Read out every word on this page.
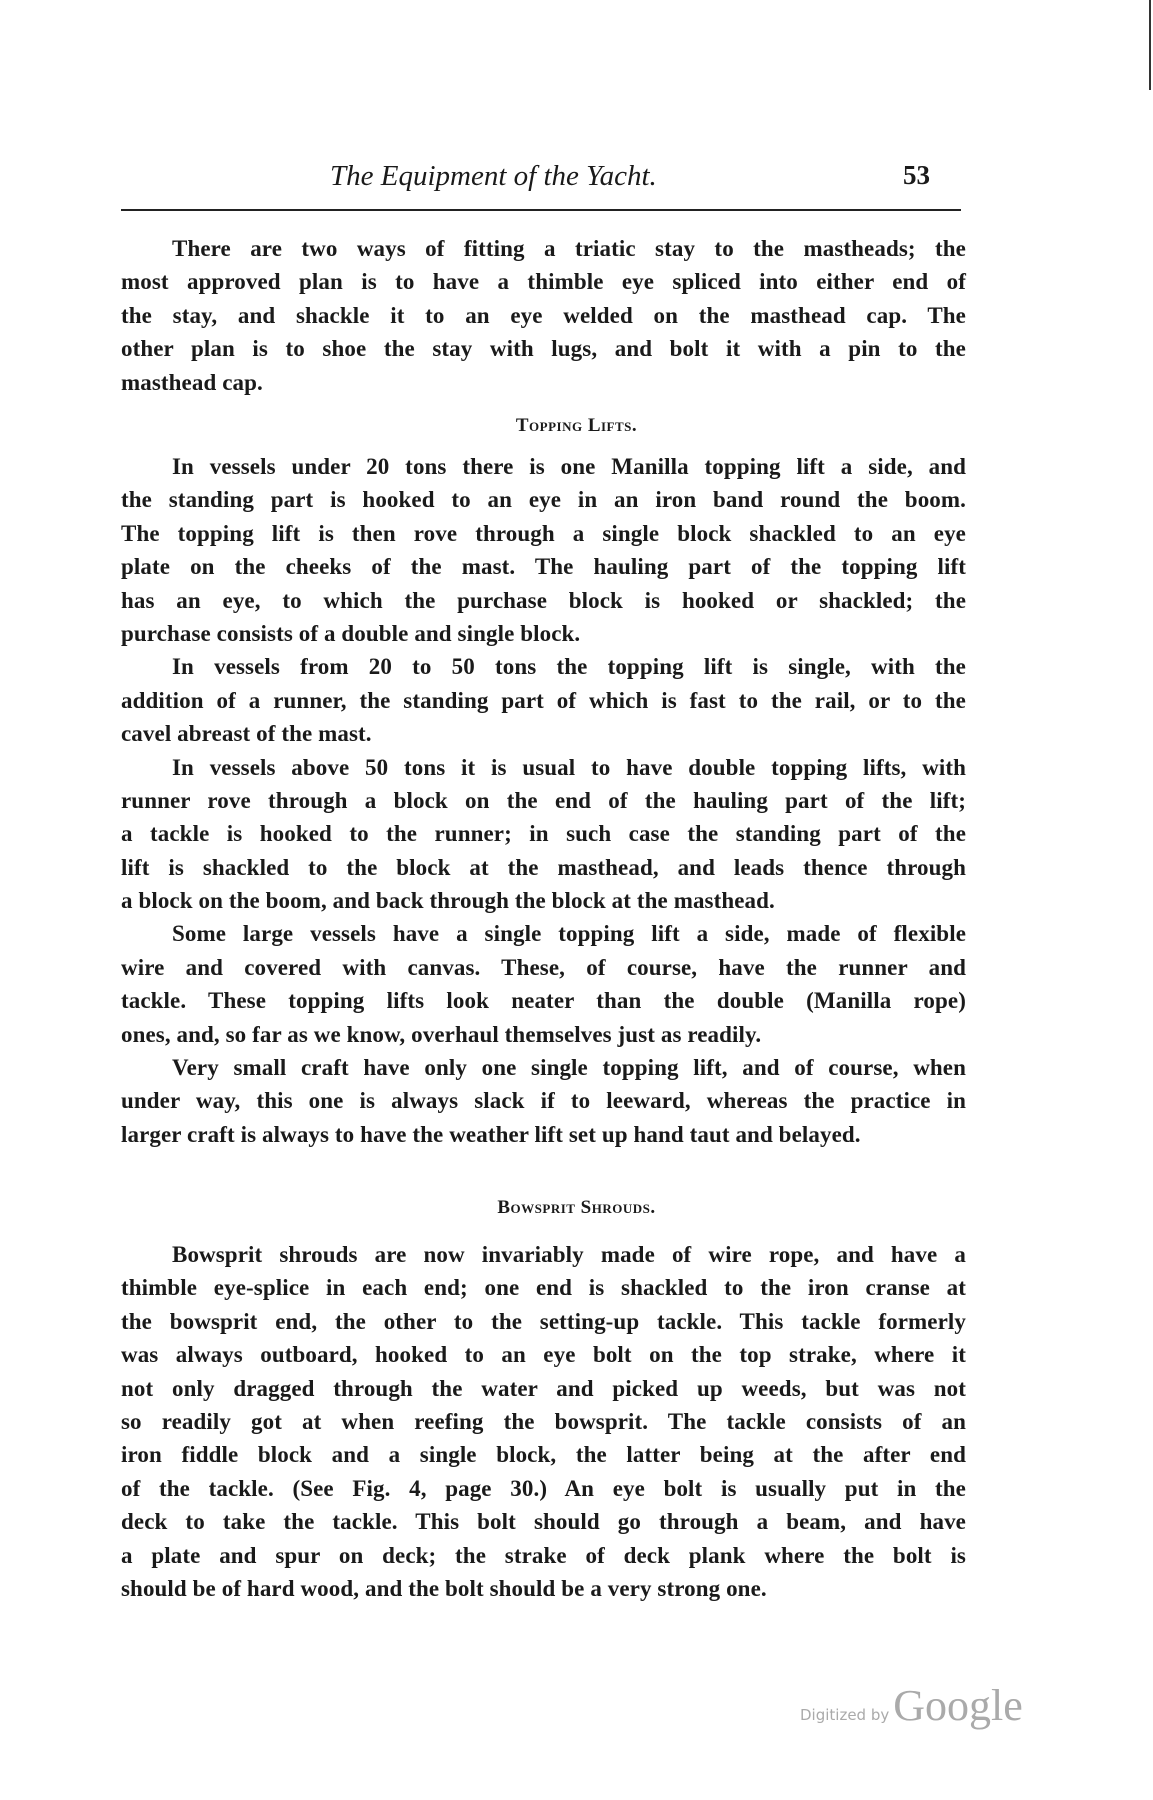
The Equipment of the Yacht.	53
There are two ways of fitting a triatic stay to the mastheads; the
most approved plan is to have a thimble eye spliced into either end of
the stay, and shackle it to an eye welded on the masthead cap. The
other plan is to shoe the stay with lugs, and bolt it with a pin to the
masthead cap.
Topping Lifts.
In vessels under 20 tons there is one Manilla topping lift a side, and
the standing part is hooked to an eye in an iron band round the boom.
The topping lift is then rove through a single block shackled to an eye
plate on the cheeks of the mast. The hauling part of the topping lift
has an eye, to which the purchase block is hooked or shackled; the
purchase consists of a double and single block.
In vessels from 20 to 50 tons the topping lift is single, with the
addition of a runner, the standing part of which is fast to the rail, or to the
cavel abreast of the mast.
In vessels above 50 tons it is usual to have double topping lifts, with
runner rove through a block on the end of the hauling part of the lift;
a tackle is hooked to the runner; in such case the standing part of the
lift is shackled to the block at the masthead, and leads thence through
a block on the boom, and back through the block at the masthead.
Some large vessels have a single topping lift a side, made of flexible
wire and covered with canvas. These, of course, have the runner and
tackle. These topping lifts look neater than the double (Manilla rope)
ones, and, so far as we know, overhaul themselves just as readily.
Very small craft have only one single topping lift, and of course, when
under way, this one is always slack if to leeward, whereas the practice in
larger craft is always to have the weather lift set up hand taut and belayed.
Bowsprit Shrouds.
Bowsprit shrouds are now invariably made of wire rope, and have a
thimble eye-splice in each end; one end is shackled to the iron cranse at
the bowsprit end, the other to the setting-up tackle. This tackle formerly
was always outboard, hooked to an eye bolt on the top strake, where it
not only dragged through the water and picked up weeds, but was not
so readily got at when reefing the bowsprit. The tackle consists of an
iron fiddle block and a single block, the latter being at the after end
of the tackle. (See Fig. 4, page 30.) An eye bolt is usually put in the
deck to take the tackle. This bolt should go through a beam, and have
a plate and spur on deck; the strake of deck plank where the bolt is
should be of hard wood, and the bolt should be a very strong one.
Digitized by Google
